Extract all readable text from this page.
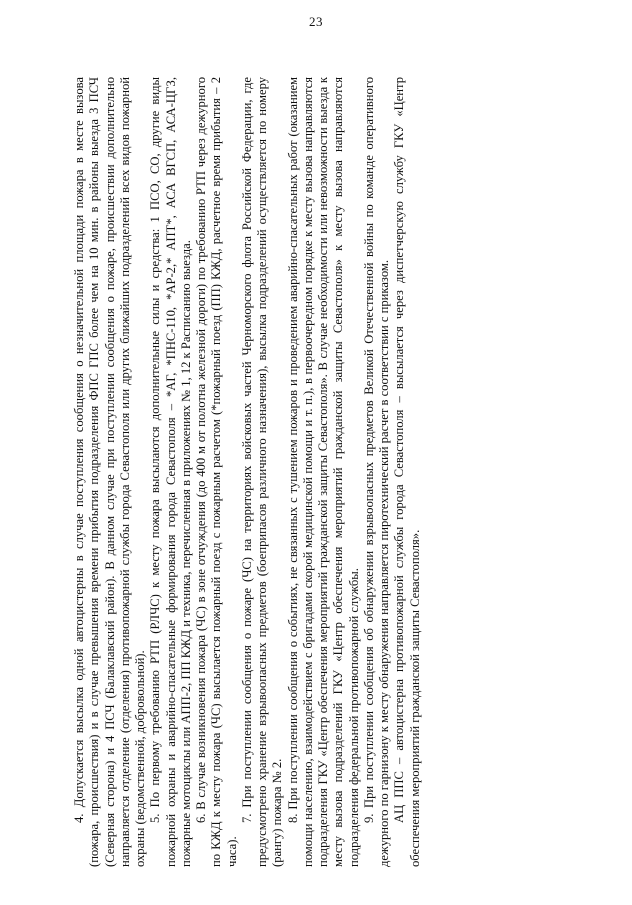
23

4. Допускается высылка одной автоцистерны в случае поступления сообщения о незначительной площади пожара в месте вызова (пожара, происшествия) и в случае превышения времени прибытия подразделения ФПС ГПС более чем на 10 мин. в районы выезда 3 ПСЧ (Северная сторона) и 4 ПСЧ (Балаклавский район). В данном случае при поступлении сообщения о пожаре, происшествии дополнительно направляется отделение (отделения) противопожарной службы города Севастополя или других ближайших подразделений всех видов пожарной охраны (ведомственной, добровольной). 5. По первому требованию РТП (РЛЧС) к месту пожара высылаются дополнительные силы и средства: 1 ПСО, СО, другие виды пожарной охраны и аварийно-спасательные формирования города Севастополя – *АГ, *ПНС-110, *АР-2,* АПТ*, АСА ВГСП, АСА-ЦГЗ, пожарные мотоциклы или АПП-2, ПП КЖД и техника, перечисленная в приложениях № 1, 12 к Расписанию выезда. 6. В случае возникновения пожара (ЧС) в зоне отчуждения (до 400 м от полотна железной дороги) по требованию РТП через дежурного по КЖД к месту пожара (ЧС) высылается пожарный поезд с пожарным расчетом (*пожарный поезд (ПП) КЖД, расчетное время прибытия – 2 часа).

7. При поступлении сообщения о пожаре (ЧС) на территориях войсковых частей Черноморского флота Российской Федерации, где предусмотрено хранение взрывоопасных предметов (боеприпасов различного назначения), высылка подразделений осуществляется по номеру (рангу) пожара № 2. 8. При поступлении сообщения о событиях, не связанных с тушением пожаров и проведением аварийно-спасательных работ (оказанием помощи населению, взаимодействием с бригадами скорой медицинской помощи и т. п.), в первоочередном порядке к месту вызова направляются подразделения ГКУ «Центр обеспечения мероприятий гражданской защиты Севастополя». В случае необходимости или невозможности выезда к месту вызова подразделений ГКУ «Центр обеспечения мероприятий гражданской защиты Севастополя» к месту вызова направляются подразделения федеральной противопожарной службы. 9. При поступлении сообщения об обнаружении взрывоопасных предметов Великой Отечественной войны по команде оперативного дежурного по гарнизону к месту обнаружения направляется пиротехнический расчет в соответствии с приказом. АЦ ППС – автоцистерна противопожарной службы города Севастополя – высылается через диспетчерскую службу ГКУ «Центр обеспечения мероприятий гражданской защиты Севастополя».
